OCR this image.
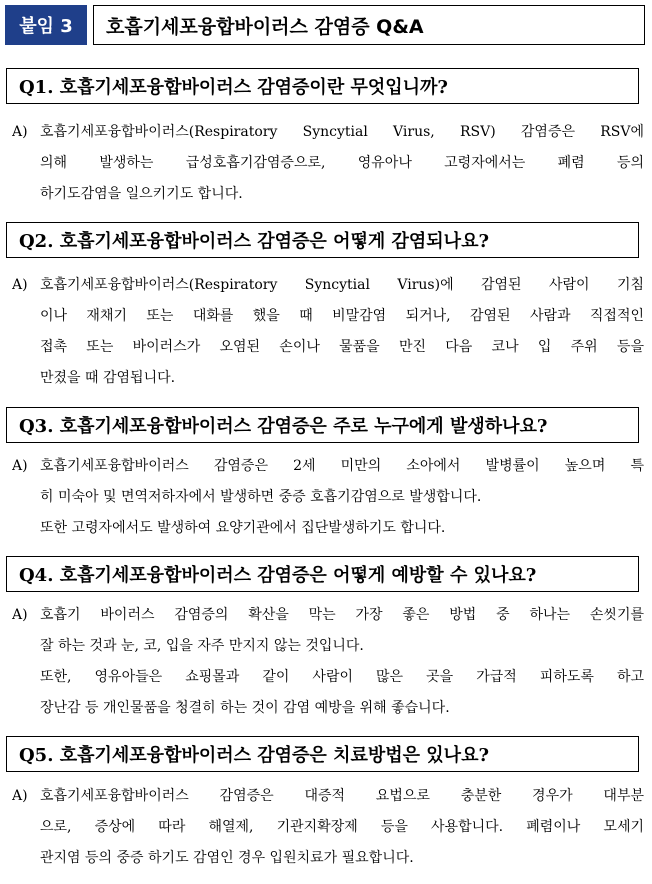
붙임 3	호흡기세포융합바이러스 감염증 Q&A
Q1. 호흡기세포융합바이러스 감염증이란 무엇입니까?
A) 호흡기세포융합바이러스(Respiratory Syncytial Virus, RSV) 감염증은 RSV에
의해 발생하는 급성호흡기감염증으로, 영유아나 고령자에서는 폐렴 등의
하기도감염을 일으키기도 합니다.
Q2. 호흡기세포융합바이러스 감염증은 어떻게 감염되나요?
A) 호흡기세포융합바이러스(Respiratory Syncytial Virus)에 감염된 사람이 기침
이나 재채기 또는 대화를 했을 때 비말감염 되거나, 감염된 사람과 직접적인
접촉 또는 바이러스가 오염된 손이나 물품을 만진 다음 코나 입 주위 등을
만졌을 때 감염됩니다.
Q3. 호흡기세포융합바이러스 감염증은 주로 누구에게 발생하나요?
A) 호흡기세포융합바이러스 감염증은 2세 미만의 소아에서 발병률이 높으며 특
히 미숙아 및 면역저하자에서 발생하면 중증 호흡기감염으로 발생합니다.
또한 고령자에서도 발생하여 요양기관에서 집단발생하기도 합니다.
Q4. 호흡기세포융합바이러스 감염증은 어떻게 예방할 수 있나요?
A) 호흡기 바이러스 감염증의 확산을 막는 가장 좋은 방법 중 하나는 손씻기를
잘 하는 것과 눈, 코, 입을 자주 만지지 않는 것입니다.
또한, 영유아들은 쇼핑몰과 같이 사람이 많은 곳을 가급적 피하도록 하고
장난감 등 개인물품을 청결히 하는 것이 감염 예방을 위해 좋습니다.
Q5. 호흡기세포융합바이러스 감염증은 치료방법은 있나요?
A) 호흡기세포융합바이러스 감염증은 대증적 요법으로 충분한 경우가 대부분
으로, 증상에 따라 해열제, 기관지확장제 등을 사용합니다. 폐렴이나 모세기
관지염 등의 중증 하기도 감염인 경우 입원치료가 필요합니다.
